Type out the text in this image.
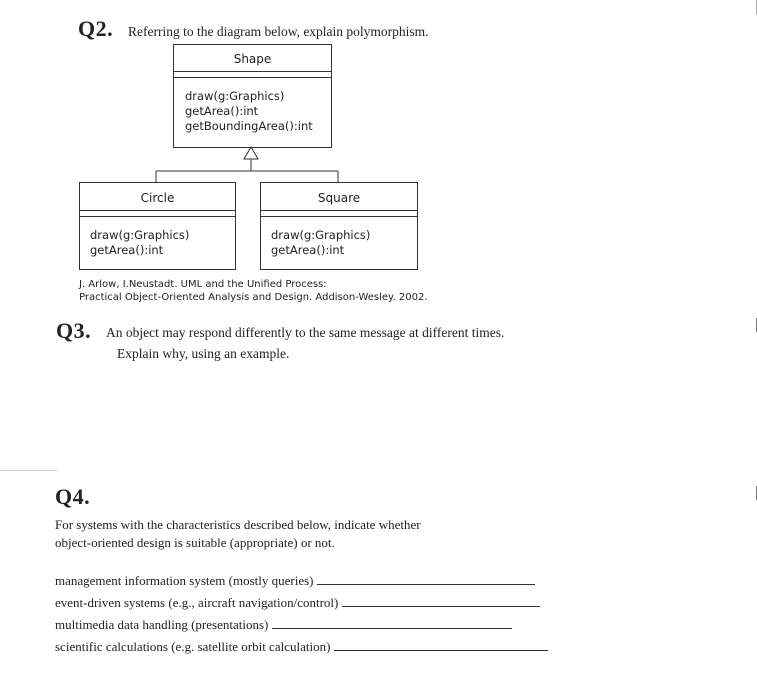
Q2. Referring to the diagram below, explain polymorphism.
Shape
draw(g:Graphics)
getArea():int
getBoundingArea():int
Circle
draw(g:Graphics)
getArea():int
Square
draw(g:Graphics)
getArea():int
J. Arlow, I.Neustadt. UML and the Unified Process:
Practical Object-Oriented Analysis and Design. Addison-Wesley. 2002.
Q3. An object may respond differently to the same message at different times.
Explain why, using an example.
Q4.
For systems with the characteristics described below, indicate whether
object-oriented design is suitable (appropriate) or not.
management information system (mostly queries)
event-driven systems (e.g., aircraft navigation/control)
multimedia data handling (presentations)
scientific calculations (e.g. satellite orbit calculation)
